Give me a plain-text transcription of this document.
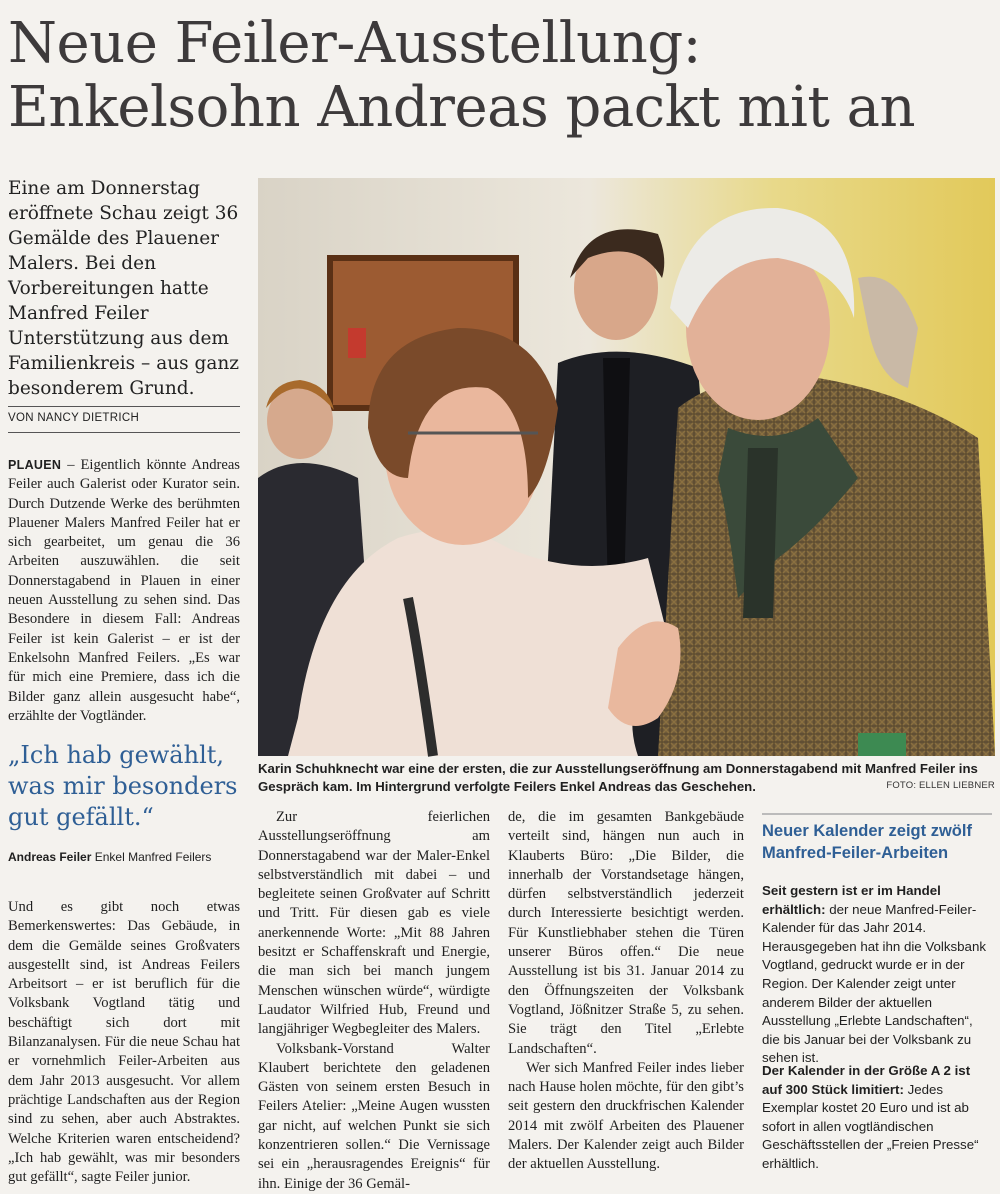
Neue Feiler-Ausstellung:
Enkelsohn Andreas packt mit an

Eine am Donnerstag eröffnete Schau zeigt 36 Gemälde des Plauener Malers. Bei den Vorbereitungen hatte Manfred Feiler Unterstützung aus dem Familienkreis – aus ganz besonderem Grund.

VON NANCY DIETRICH

PLAUEN – Eigentlich könnte Andreas Feiler auch Galerist oder Kurator sein. Durch Dutzende Werke des berühmten Plauener Malers Manfred Feiler hat er sich gearbeitet, um genau die 36 Arbeiten auszuwählen. die seit Donnerstagabend in Plauen in einer neuen Ausstellung zu sehen sind. Das Besondere in diesem Fall: Andreas Feiler ist kein Galerist – er ist der Enkelsohn Manfred Feilers. „Es war für mich eine Premiere, dass ich die Bilder ganz allein ausgesucht habe“, erzählte der Vogtländer.

„Ich hab gewählt, was mir besonders gut gefällt.“
Andreas Feiler Enkel Manfred Feilers

Und es gibt noch etwas Bemerkenswertes: Das Gebäude, in dem die Gemälde seines Großvaters ausgestellt sind, ist Andreas Feilers Arbeitsort – er ist beruflich für die Volksbank Vogtland tätig und beschäftigt sich dort mit Bilanzanalysen. Für die neue Schau hat er vornehmlich Feiler-Arbeiten aus dem Jahr 2013 ausgesucht. Vor allem prächtige Landschaften aus der Region sind zu sehen, aber auch Abstraktes. Welche Kriterien waren entscheidend? „Ich hab gewählt, was mir besonders gut gefällt“, sagte Feiler junior.

Karin Schuhknecht war eine der ersten, die zur Ausstellungseröffnung am Donnerstagabend mit Manfred Feiler ins Gespräch kam. Im Hintergrund verfolgte Feilers Enkel Andreas das Geschehen.	FOTO: ELLEN LIEBNER

Zur feierlichen Ausstellungseröffnung am Donnerstagabend war der Maler-Enkel selbstverständlich mit dabei – und begleitete seinen Großvater auf Schritt und Tritt. Für diesen gab es viele anerkennende Worte: „Mit 88 Jahren besitzt er Schaffenskraft und Energie, die man sich bei manch jungem Menschen wünschen würde“, würdigte Laudator Wilfried Hub, Freund und langjähriger Wegbegleiter des Malers.

Volksbank-Vorstand Walter Klaubert berichtete den geladenen Gästen von seinem ersten Besuch in Feilers Atelier: „Meine Augen wussten gar nicht, auf welchen Punkt sie sich konzentrieren sollen.“ Die Vernissage sei ein „herausragendes Ereignis“ für ihn. Einige der 36 Gemäl-

de, die im gesamten Bankgebäude verteilt sind, hängen nun auch in Klauberts Büro: „Die Bilder, die innerhalb der Vorstandsetage hängen, dürfen selbstverständlich jederzeit durch Interessierte besichtigt werden. Für Kunstliebhaber stehen die Türen unserer Büros offen.“ Die neue Ausstellung ist bis 31. Januar 2014 zu den Öffnungszeiten der Volksbank Vogtland, Jößnitzer Straße 5, zu sehen. Sie trägt den Titel „Erlebte Landschaften“.

Wer sich Manfred Feiler indes lieber nach Hause holen möchte, für den gibt’s seit gestern den druckfrischen Kalender 2014 mit zwölf Arbeiten des Plauener Malers. Der Kalender zeigt auch Bilder der aktuellen Ausstellung.

Neuer Kalender zeigt zwölf Manfred-Feiler-Arbeiten

Seit gestern ist er im Handel erhältlich: der neue Manfred-Feiler-Kalender für das Jahr 2014. Herausgegeben hat ihn die Volksbank Vogtland, gedruckt wurde er in der Region. Der Kalender zeigt unter anderem Bilder der aktuellen Ausstellung „Erlebte Landschaften“, die bis Januar bei der Volksbank zu sehen ist.

Der Kalender in der Größe A 2 ist auf 300 Stück limitiert: Jedes Exemplar kostet 20 Euro und ist ab sofort in allen vogtländischen Geschäftsstellen der „Freien Presse“ erhältlich.
